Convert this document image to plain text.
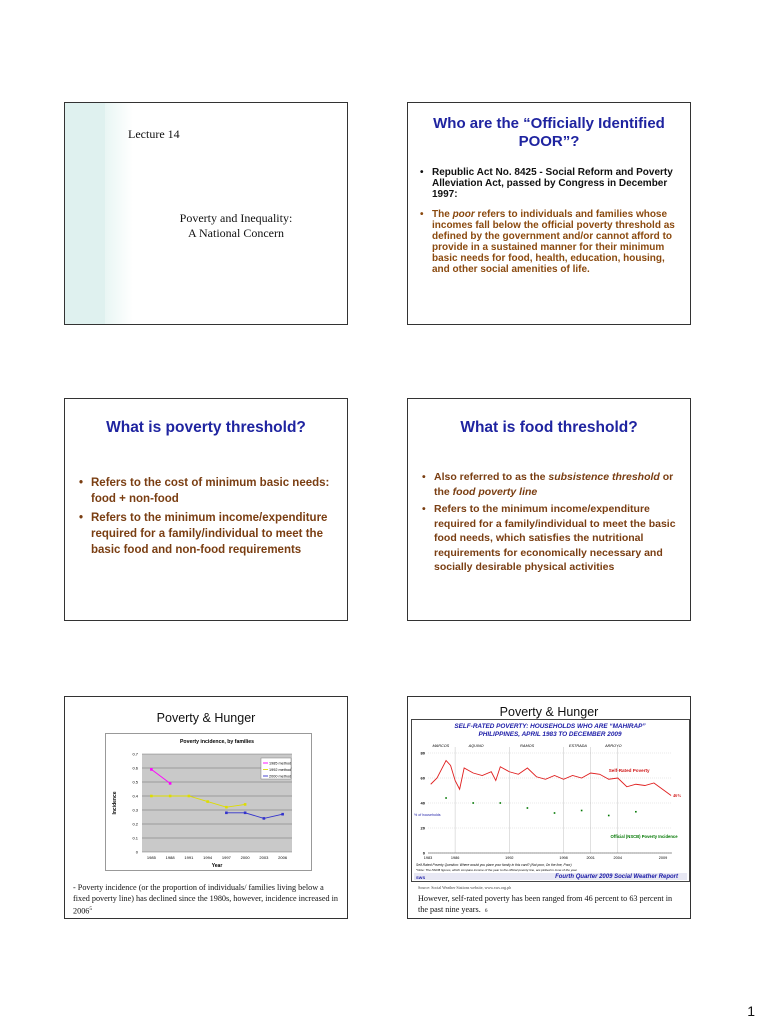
Lecture 14
Poverty and Inequality:
A National Concern
Who are the “Officially Identified
POOR”?
• Republic Act No. 8425 - Social Reform and Poverty Alleviation Act, passed by Congress in December 1997:
• The poor refers to individuals and families whose incomes fall below the official poverty threshold as defined by the government and/or cannot afford to provide in a sustained manner for their minimum basic needs for food, health, education, housing, and other social amenities of life.
What is poverty threshold?
• Refers to the cost of minimum basic needs: food + non-food
• Refers to the minimum income/expenditure required for a family/individual to meet the basic food and non-food requirements
What is food threshold?
• Also referred to as the subsistence threshold or the food poverty line
• Refers to the minimum income/expenditure required for a family/individual to meet the basic food needs, which satisfies the nutritional requirements for economically necessary and socially desirable physical activities
Poverty & Hunger
Poverty incidence, by families
0
0.1
0.2
0.3
0.4
0.5
0.6
0.7
1985 1988 1991 1994 1997 2000 2003 2006
Year
Incidence
1985 method
1992 method
2000 method
- Poverty incidence (or the proportion of individuals/ families living below a fixed poverty line) has declined since the 1980s, however, incidence increased in 2006$^5$
Poverty & Hunger
SELF-RATED POVERTY: HOUSEHOLDS WHO ARE “MAHIRAP”
PHILIPPINES, APRIL 1983 TO DECEMBER 2009
MARCOS	AQUINO	RAMOS	ESTRADA	ARROYO
0
20
40
60
80
1983	1986	1992	1998	2001	2004	2009
% of households
Self-Rated Poverty
46%
Official (NSCB) Poverty Incidence
Self-Rated Poverty Question: Where would you place your family in this card? (Not poor, On the line, Poor)
*Note: The NSCB figures, which compare income of the year to the official poverty line, are plotted in June of the year.
SWS	Fourth Quarter 2009 Social Weather Report
Source: Social Weather Stations website, www.sws.org.ph
However, self-rated poverty has been ranged from 46 percent to 63 percent in the past nine years. 6
1
